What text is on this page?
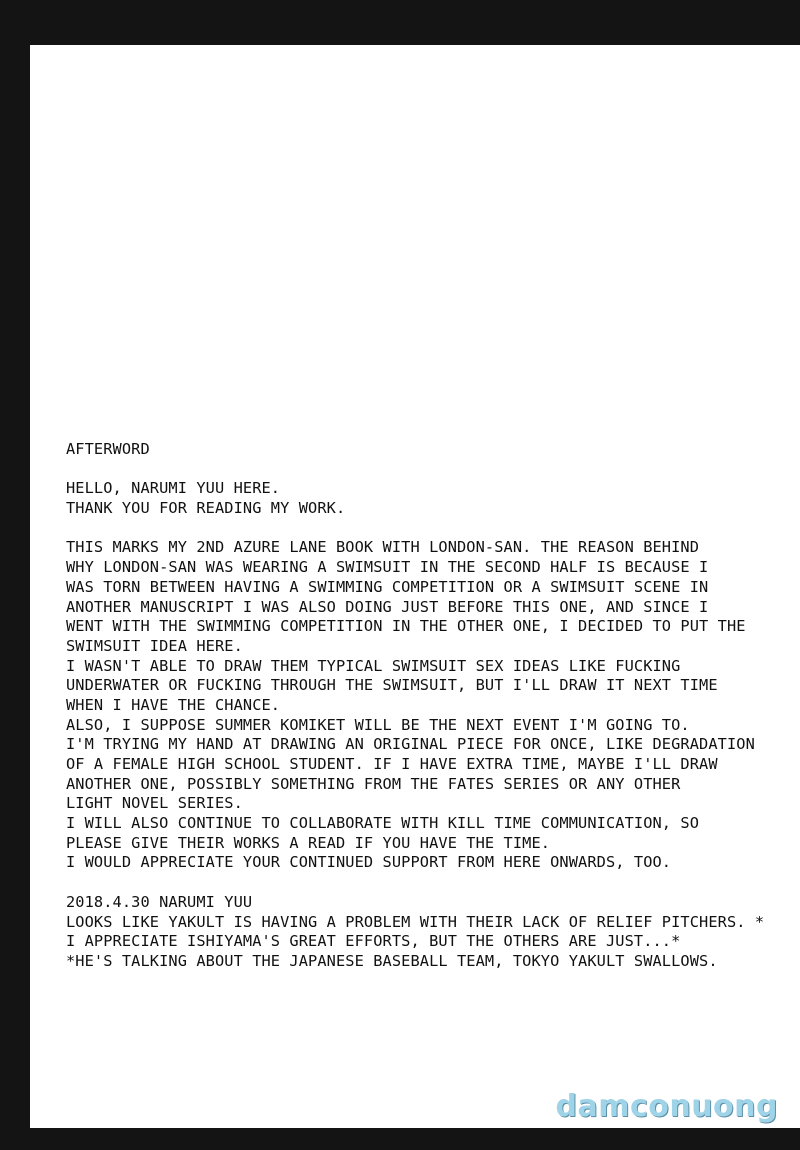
AFTERWORD
HELLO, NARUMI YUU HERE.
THANK YOU FOR READING MY WORK.
THIS MARKS MY 2ND AZURE LANE BOOK WITH LONDON-SAN. THE REASON BEHIND
WHY LONDON-SAN WAS WEARING A SWIMSUIT IN THE SECOND HALF IS BECAUSE I
WAS TORN BETWEEN HAVING A SWIMMING COMPETITION OR A SWIMSUIT SCENE IN
ANOTHER MANUSCRIPT I WAS ALSO DOING JUST BEFORE THIS ONE, AND SINCE I
WENT WITH THE SWIMMING COMPETITION IN THE OTHER ONE, I DECIDED TO PUT THE
SWIMSUIT IDEA HERE.
I WASN'T ABLE TO DRAW THEM TYPICAL SWIMSUIT SEX IDEAS LIKE FUCKING
UNDERWATER OR FUCKING THROUGH THE SWIMSUIT, BUT I'LL DRAW IT NEXT TIME
WHEN I HAVE THE CHANCE.
ALSO, I SUPPOSE SUMMER KOMIKET WILL BE THE NEXT EVENT I'M GOING TO.
I'M TRYING MY HAND AT DRAWING AN ORIGINAL PIECE FOR ONCE, LIKE DEGRADATION
OF A FEMALE HIGH SCHOOL STUDENT. IF I HAVE EXTRA TIME, MAYBE I'LL DRAW
ANOTHER ONE, POSSIBLY SOMETHING FROM THE FATES SERIES OR ANY OTHER
LIGHT NOVEL SERIES.
I WILL ALSO CONTINUE TO COLLABORATE WITH KILL TIME COMMUNICATION, SO
PLEASE GIVE THEIR WORKS A READ IF YOU HAVE THE TIME.
I WOULD APPRECIATE YOUR CONTINUED SUPPORT FROM HERE ONWARDS, TOO.
2018.4.30 NARUMI YUU
LOOKS LIKE YAKULT IS HAVING A PROBLEM WITH THEIR LACK OF RELIEF PITCHERS. *
I APPRECIATE ISHIYAMA'S GREAT EFFORTS, BUT THE OTHERS ARE JUST...*
*HE'S TALKING ABOUT THE JAPANESE BASEBALL TEAM, TOKYO YAKULT SWALLOWS.
damconuong
